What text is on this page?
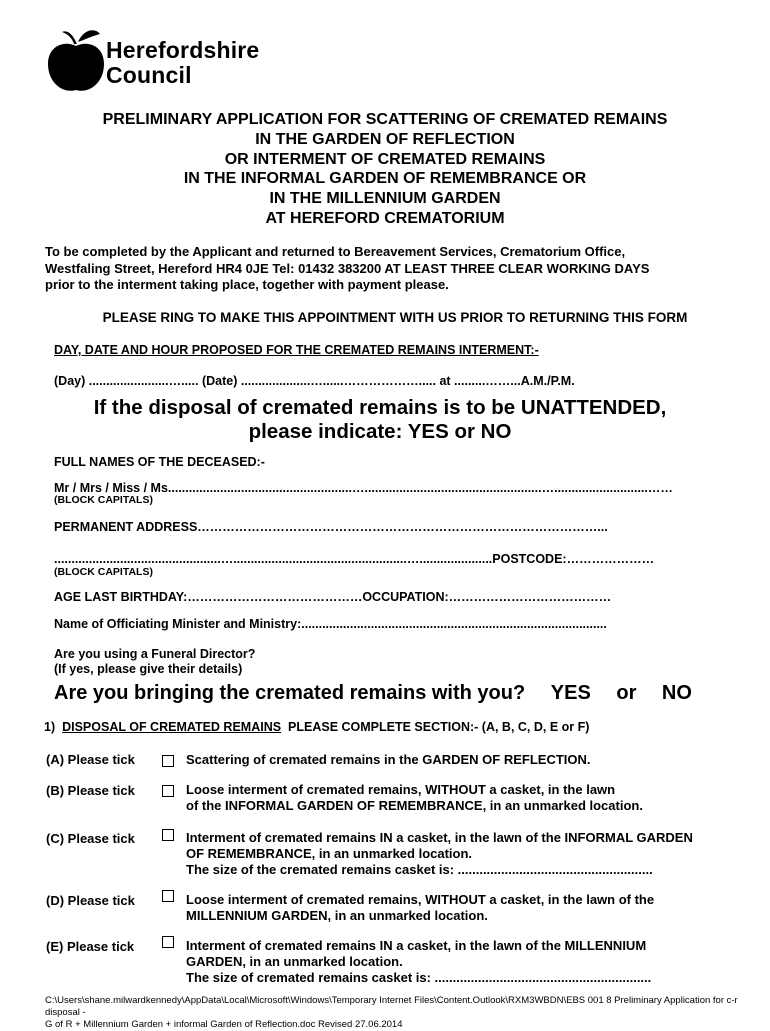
Herefordshire
Council
PRELIMINARY APPLICATION FOR SCATTERING OF CREMATED REMAINS
IN THE GARDEN OF REFLECTION
OR INTERMENT OF CREMATED REMAINS
IN THE INFORMAL GARDEN OF REMEMBRANCE OR
IN THE MILLENNIUM GARDEN
AT HEREFORD CREMATORIUM
To be completed by the Applicant and returned to Bereavement Services, Crematorium Office,
Westfaling Street, Hereford HR4 0JE Tel: 01432 383200 AT LEAST THREE CLEAR WORKING DAYS
prior to the interment taking place, together with payment please.
PLEASE RING TO MAKE THIS APPOINTMENT WITH US PRIOR TO RETURNING THIS FORM
DAY, DATE AND HOUR PROPOSED FOR THE CREMATED REMAINS INTERMENT:-
(Day) .......................…..... (Date) ....................…......………………..... at .........……...A.M./P.M.
If the disposal of cremated remains is to be UNATTENDED,
please indicate: YES or NO
FULL NAMES OF THE DECEASED:-
Mr / Mrs / Miss / Ms.....................................................…...................................................…...........................……
(BLOCK CAPITALS)
PERMANENT ADDRESS……………………………………………………………………………………...
................................................…..................................................….....................POSTCODE:…………………
(BLOCK CAPITALS)
AGE LAST BIRTHDAY:……………………………………OCCUPATION:…………………………………
Name of Officiating Minister and Ministry:........................................................................................
Are you using a Funeral Director?
(If yes, please give their details)
Are you bringing the cremated remains with you? YES or NO
1) DISPOSAL OF CREMATED REMAINS PLEASE COMPLETE SECTION:- (A, B, C, D, E or F)
(A) Please tick	Scattering of cremated remains in the GARDEN OF REFLECTION.
(B) Please tick	Loose interment of cremated remains, WITHOUT a casket, in the lawn
of the INFORMAL GARDEN OF REMEMBRANCE, in an unmarked location.
(C) Please tick	Interment of cremated remains IN a casket, in the lawn of the INFORMAL GARDEN
OF REMEMBRANCE, in an unmarked location.
The size of the cremated remains casket is: ......................................................
(D) Please tick	Loose interment of cremated remains, WITHOUT a casket, in the lawn of the
MILLENNIUM GARDEN, in an unmarked location.
(E) Please tick	Interment of cremated remains IN a casket, in the lawn of the MILLENNIUM
GARDEN, in an unmarked location.
The size of cremated remains casket is: ............................................................
C:\Users\shane.milwardkennedy\AppData\Local\Microsoft\Windows\Temporary Internet Files\Content.Outlook\RXM3WBDN\EBS 001 8 Preliminary Application for c-r disposal -
G of R + Millennium Garden + informal Garden of Reflection.doc Revised 27.06.2014
